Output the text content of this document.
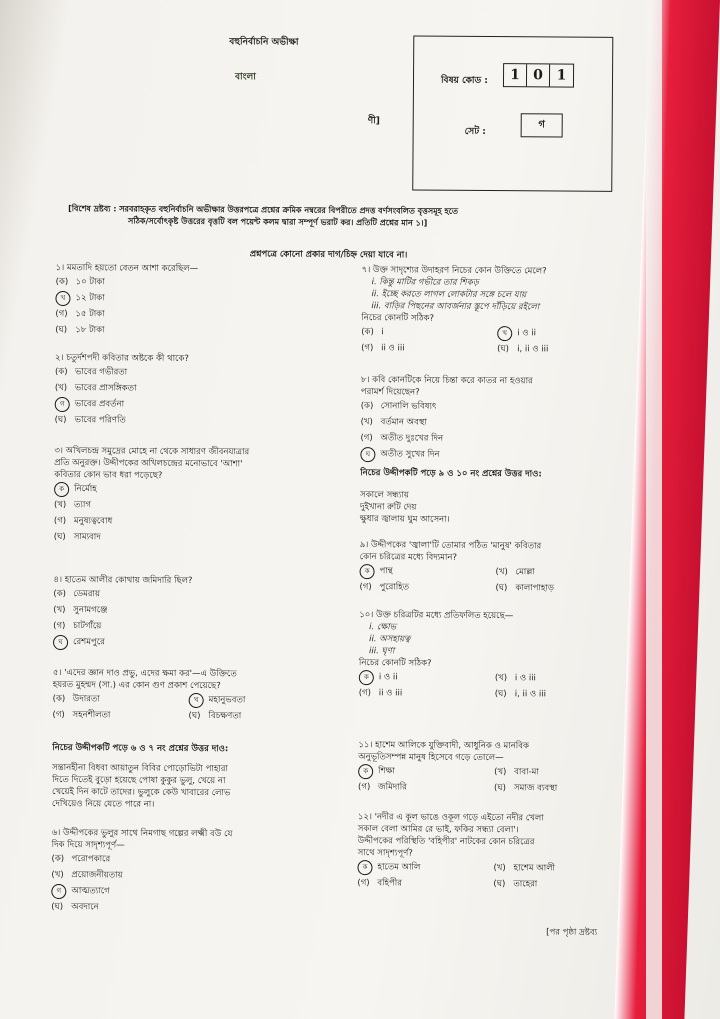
বহুনির্বাচনি অভীক্ষা
বাংলা
ণী]
বিষয় কোড :	1 0 1
সেট :
গ
[বিশেষ দ্রষ্টব্য : সরবরাহকৃত বহুনির্বাচনি অভীক্ষার উত্তরপত্রে প্রশ্নের ক্রমিক নম্বরের বিপরীতে প্রদত্ত বর্ণসংবলিত বৃত্তসমূহ হতে
সঠিক/সর্বোৎকৃষ্ট উত্তরের বৃত্তটি বল পয়েন্ট কলম দ্বারা সম্পূর্ণ ভরাট কর। প্রতিটি প্রশ্নের মান ১।]
প্রশ্নপত্রে কোনো প্রকার দাগ/চিহ্ন দেয়া যাবে না।
১। মমতাদি হয়তো বেতন আশা করেছিল—
(ক) ১০ টাকা
খ	১২ টাকা
(গ) ১৫ টাকা
(ঘ) ১৮ টাকা
২। চতুর্দশপদী কবিতার অষ্টকে কী থাকে?
(ক) ভাবের গভীরতা
(খ) ভাবের প্রাসঙ্গিকতা
গ	ভাবের প্রবর্তনা
(ঘ) ভাবের পরিণতি
৩। অখিলচন্দ্র সমুদ্রের মোহে না থেকে সাধারণ জীবনযাত্রার
প্রতি অনুরক্ত। উদ্দীপকের অখিলচন্দ্রের মনোভাবে 'আশা'
কবিতার কোন ভাব ধরা পড়েছে?
ক	নির্মোহ
(খ) ত্যাগ
(গ) মনুষ্যত্ববোধ
(ঘ) সাম্যবাদ
৪। হাতেম আলীর কোথায় জমিদারি ছিল?
(ক) ডেমরায়
(খ) সুনামগঞ্জে
(গ) চাটগাঁয়ে
ঘ	রেশমপুরে
৫। 'এদের জ্ঞান দাও প্রভু, এদের ক্ষমা কর'—এ উক্তিতে
হযরত মুহম্মদ (সা.) এর কোন গুণ প্রকাশ পেয়েছে?
(ক) উদারতা	খ	মহানুভবতা
(গ) সহনশীলতা	(ঘ) বিচক্ষণতা
নিচের উদ্দীপকটি পড়ে ৬ ও ৭ নং প্রশ্নের উত্তর দাও:
সন্তানহীনা বিধবা আয়াতুন বিবির পোড়োভিটা পাহারা
দিতে দিতেই বুড়ো হয়েছে পোষা কুকুর ভুলু, খেয়ে না
খেয়েই দিন কাটে তাদের। ভুলুকে কেউ খাবারের লোভ
দেখিয়েও নিয়ে যেতে পারে না।
৬। উদ্দীপকের ভুলুর সাথে নিমগাছ গল্পের লক্ষ্মী বউ যে
দিক দিয়ে সাদৃশ্যপূর্ণ—
(ক) পরোপকারে
(খ) প্রয়োজনীয়তায়
গ	আত্মত্যাগে
(ঘ) অবদানে
৭। উক্ত সাদৃশ্যের উদাহরণ নিচের কোন উক্তিতে মেলে?
i. কিন্তু মাটির গভীরে তার শিকড়
ii. ইচ্ছে করতে লাগল লোকটার সঙ্গে চলে যায়
iii. বাড়ির পিছনের আবর্জনার স্তূপে দাঁড়িয়ে রইলো
নিচের কোনটি সঠিক?
(ক) i	খ	i ও ii
(গ) ii ও iii	(ঘ) i, ii ও iii
৮। কবি কোনটিকে নিয়ে চিন্তা করে কাতর না হওয়ার
পরামর্শ দিয়েছেন?
(ক) সোনালি ভবিষ্যৎ
(খ) বর্তমান অবস্থা
(গ) অতীত দুঃখের দিন
ঘ	অতীত সুখের দিন
নিচের উদ্দীপকটি পড়ে ৯ ও ১০ নং প্রশ্নের উত্তর দাও:
সকালে সন্ধ্যায়
দুইখানা রুটি দেয়
ক্ষুধার জ্বালায় ঘুম আসেনা।
৯। উদ্দীপকের 'জ্বালা'টি তোমার পঠিত 'মানুষ' কবিতার
কোন চরিত্রের মধ্যে বিদ্যমান?
ক	পান্থ	(খ) মোল্লা
(গ) পুরোহিত	(ঘ) কালাপাহাড়
১০। উক্ত চরিত্রটির মধ্যে প্রতিফলিত হয়েছে—
i. ক্ষোভ
ii. অসহায়ত্ব
iii. ঘৃণা
নিচের কোনটি সঠিক?
ক	i ও ii	(খ) i ও iii
(গ) ii ও iii	(ঘ) i, ii ও iii
১১। হাশেম আলিকে যুক্তিবাদী, আধুনিক ও মানবিক
অনুভূতিসম্পন্ন মানুষ হিসেবে গড়ে তোলে—
ক	শিক্ষা	(খ) বাবা-মা
(গ) জমিদারি	(ঘ) সমাজ ব্যবস্থা
১২। 'নদীর এ কূল ভাঙে ওকূল গড়ে এইতো নদীর খেলা
সকাল বেলা আমির রে ভাই, ফকির সন্ধ্যা বেলা'।
উদ্দীপকের পরিস্থিতি 'বহিপীর' নাটকের কোন চরিত্রের
সাথে সাদৃশ্যপূর্ণ?
ক	হাতেম আলি	(খ) হাশেম আলী
(গ) বহিপীর	(ঘ) তাহেরা
[পর পৃষ্ঠা দ্রষ্টব্য
